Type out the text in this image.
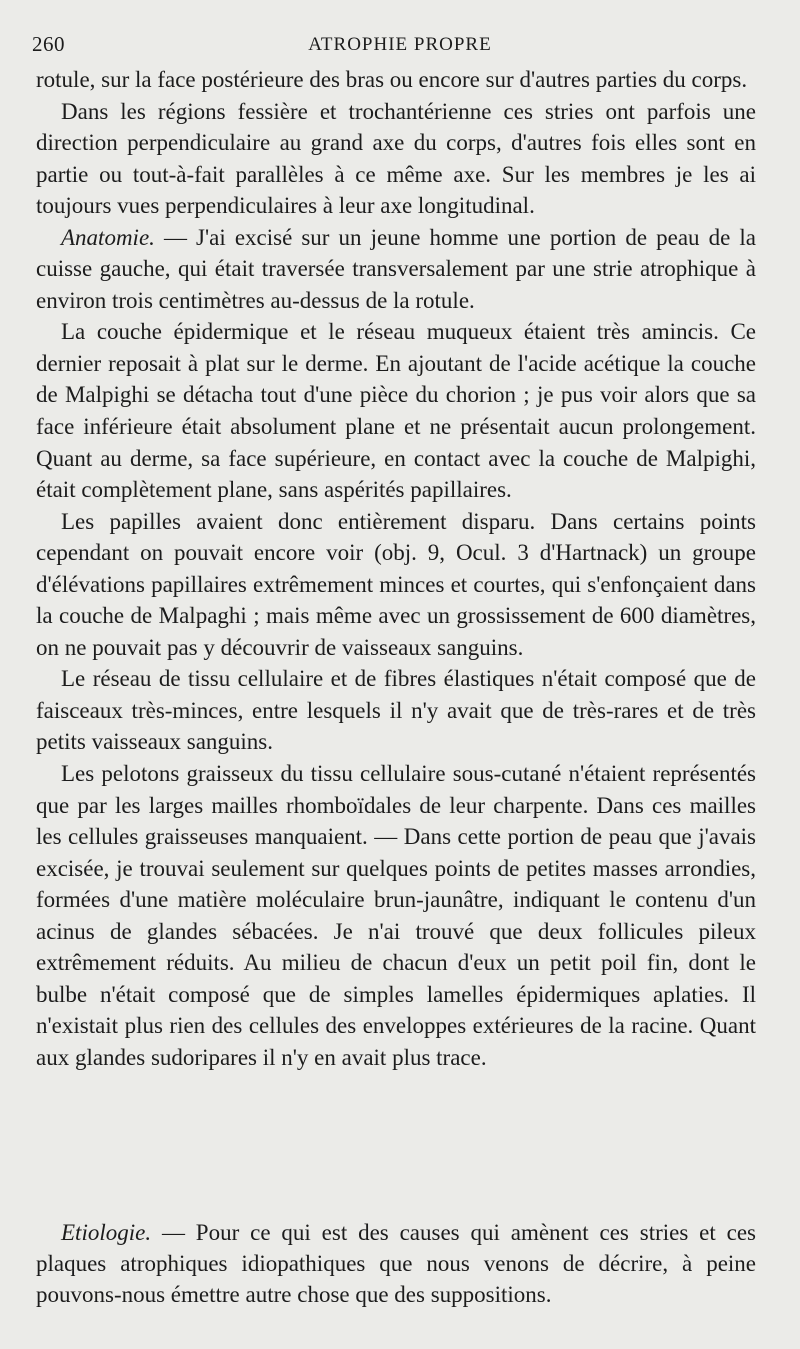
260	ATROPHIE PROPRE

rotule, sur la face postérieure des bras ou encore sur d'autres parties du corps.

Dans les régions fessière et trochantérienne ces stries ont parfois une direction perpendiculaire au grand axe du corps, d'autres fois elles sont en partie ou tout-à-fait parallèles à ce même axe. Sur les membres je les ai toujours vues perpendiculaires à leur axe longitudinal.

Anatomie. — J'ai excisé sur un jeune homme une portion de peau de la cuisse gauche, qui était traversée transversalement par une strie atrophique à environ trois centimètres au-dessus de la rotule.

La couche épidermique et le réseau muqueux étaient très amincis. Ce dernier reposait à plat sur le derme. En ajoutant de l'acide acétique la couche de Malpighi se détacha tout d'une pièce du chorion ; je pus voir alors que sa face inférieure était absolument plane et ne présentait aucun prolongement. Quant au derme, sa face supérieure, en contact avec la couche de Malpighi, était complètement plane, sans aspérités papillaires.

Les papilles avaient donc entièrement disparu. Dans certains points cependant on pouvait encore voir (obj. 9, Ocul. 3 d'Hartnack) un groupe d'élévations papillaires extrêmement minces et courtes, qui s'enfonçaient dans la couche de Malpaghi ; mais même avec un grossissement de 600 diamètres, on ne pouvait pas y découvrir de vaisseaux sanguins.

Le réseau de tissu cellulaire et de fibres élastiques n'était composé que de faisceaux très-minces, entre lesquels il n'y avait que de très-rares et de très petits vaisseaux sanguins.

Les pelotons graisseux du tissu cellulaire sous-cutané n'étaient représentés que par les larges mailles rhomboïdales de leur charpente. Dans ces mailles les cellules graisseuses manquaient. — Dans cette portion de peau que j'avais excisée, je trouvai seulement sur quelques points de petites masses arrondies, formées d'une matière moléculaire brun-jaunâtre, indiquant le contenu d'un acinus de glandes sébacées. Je n'ai trouvé que deux follicules pileux extrêmement réduits. Au milieu de chacun d'eux un petit poil fin, dont le bulbe n'était composé que de simples lamelles épidermiques aplaties. Il n'existait plus rien des cellules des enveloppes extérieures de la racine. Quant aux glandes sudoripares il n'y en avait plus trace.

Etiologie. — Pour ce qui est des causes qui amènent ces stries et ces plaques atrophiques idiopathiques que nous venons de décrire, à peine pouvons-nous émettre autre chose que des suppositions.
